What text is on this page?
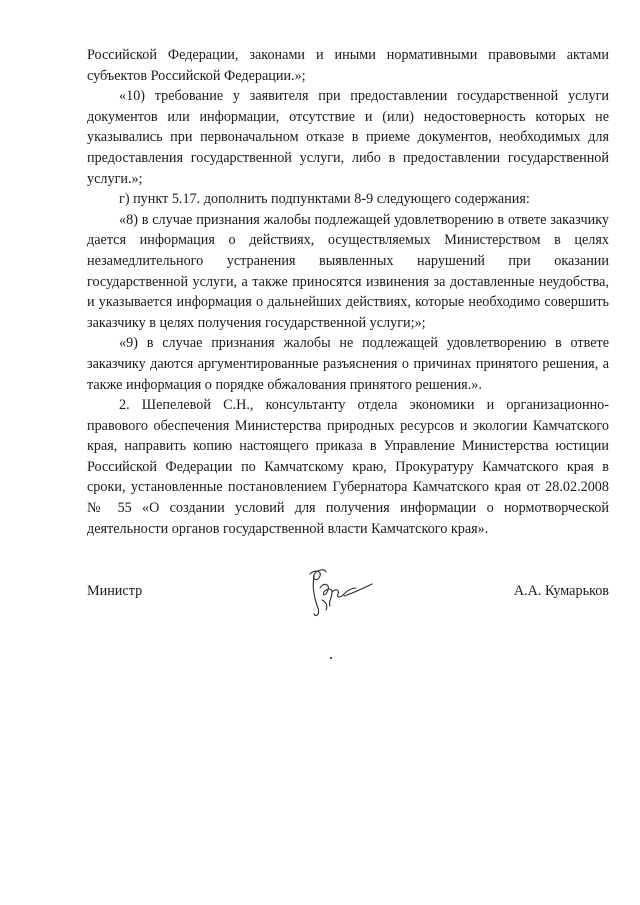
Российской Федерации, законами и иными нормативными правовыми актами субъектов Российской Федерации.»;

«10) требование у заявителя при предоставлении государственной услуги документов или информации, отсутствие и (или) недостоверность которых не указывались при первоначальном отказе в приеме документов, необходимых для предоставления государственной услуги, либо в предоставлении государственной услуги.»;

г) пункт 5.17. дополнить подпунктами 8-9 следующего содержания:

«8) в случае признания жалобы подлежащей удовлетворению в ответе заказчику дается информация о действиях, осуществляемых Министерством в целях незамедлительного устранения выявленных нарушений при оказании государственной услуги, а также приносятся извинения за доставленные неудобства, и указывается информация о дальнейших действиях, которые необходимо совершить заказчику в целях получения государственной услуги;»;

«9) в случае признания жалобы не подлежащей удовлетворению в ответе заказчику даются аргументированные разъяснения о причинах принятого решения, а также информация о порядке обжалования принятого решения.».

2. Шепелевой С.Н., консультанту отдела экономики и организационно-правового обеспечения Министерства природных ресурсов и экологии Камчатского края, направить копию настоящего приказа в Управление Министерства юстиции Российской Федерации по Камчатскому краю, Прокуратуру Камчатского края в сроки, установленные постановлением Губернатора Камчатского края от 28.02.2008 № 55 «О создании условий для получения информации о нормотворческой деятельности органов государственной власти Камчатского края».

Министр	А.А. Кумарьков
